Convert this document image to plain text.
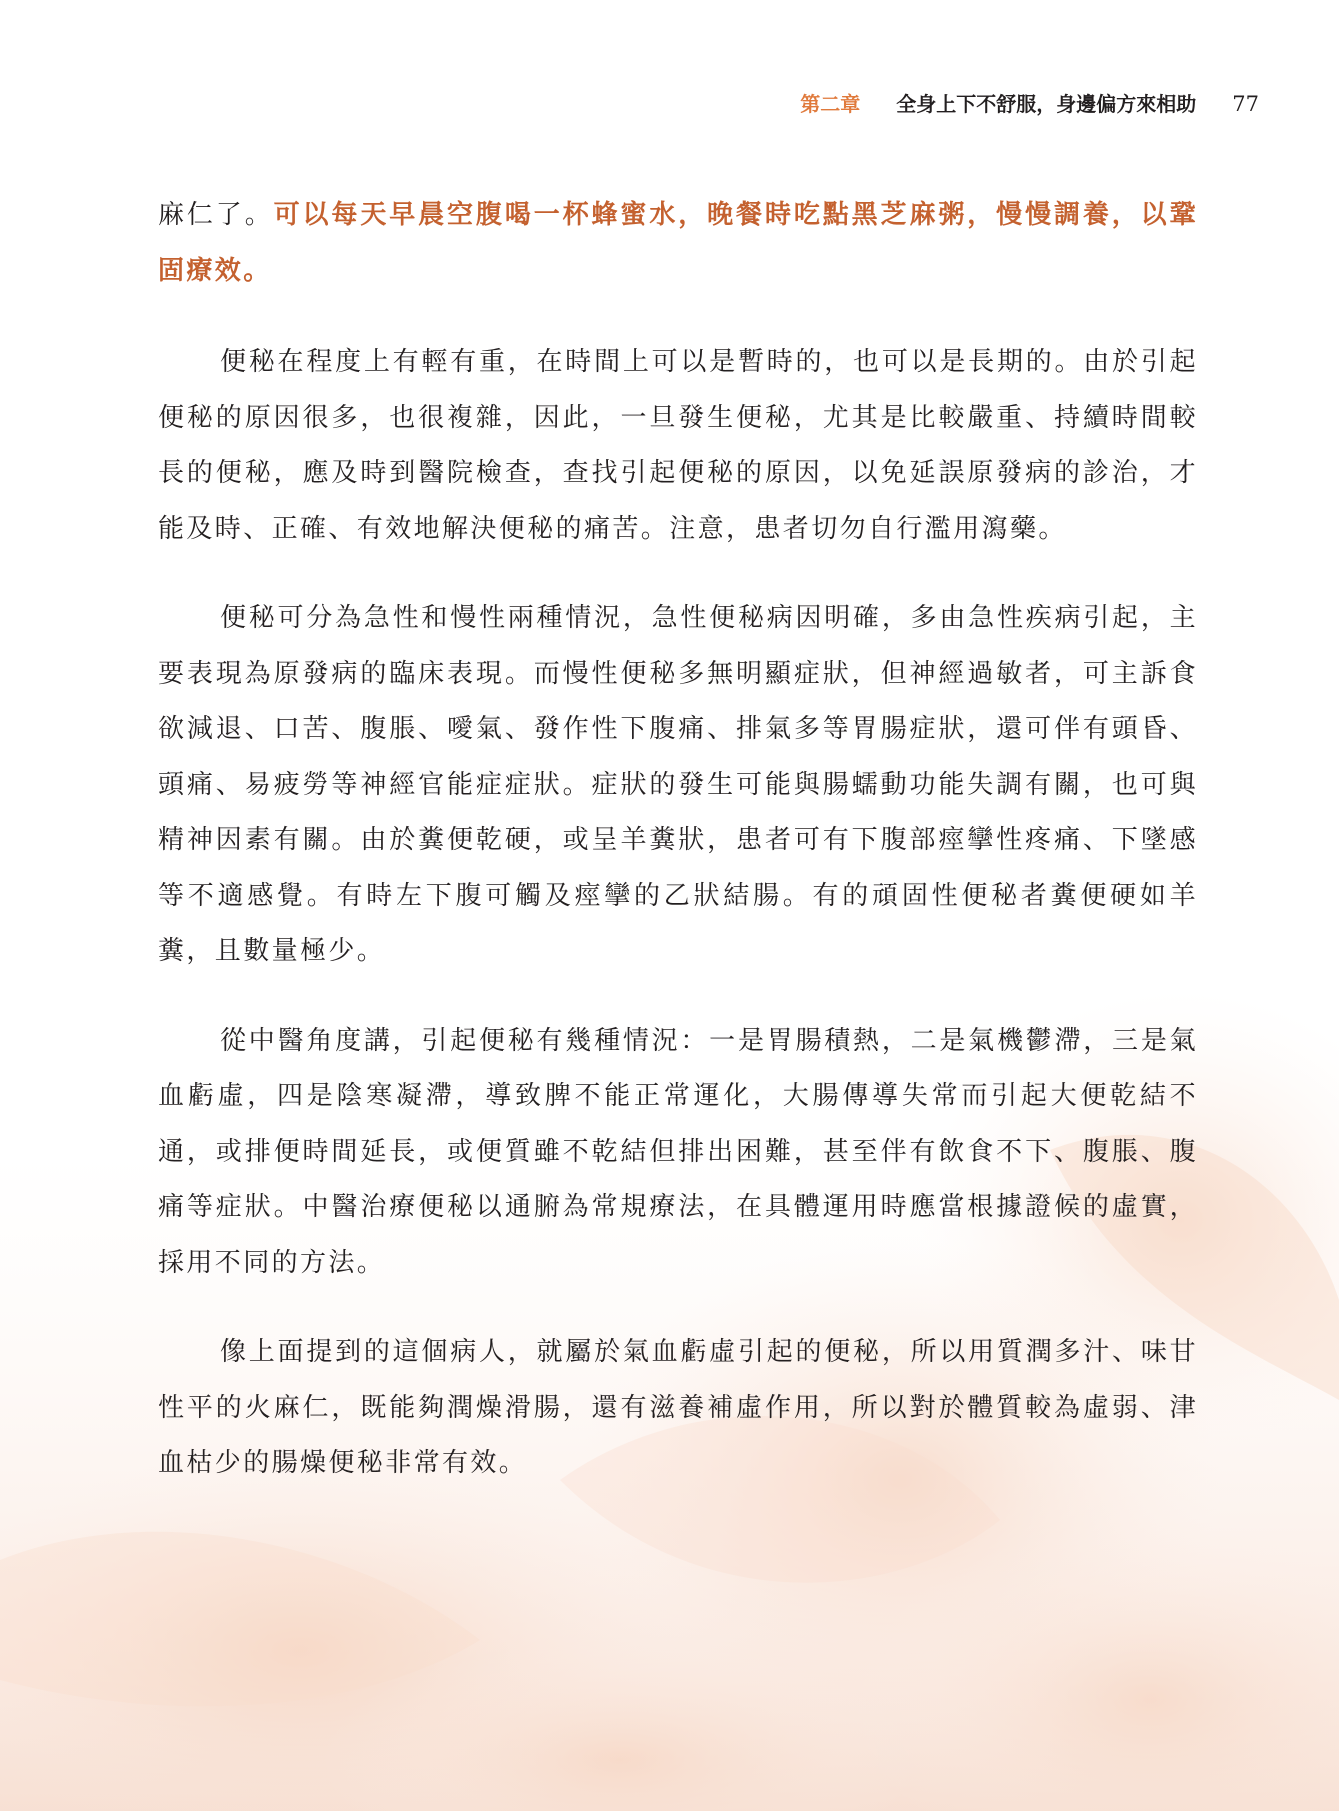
第二章 全身上下不舒服，身邊偏方來相助 77

麻仁了。可以每天早晨空腹喝一杯蜂蜜水，晚餐時吃點黑芝麻粥，慢慢調養，以鞏固療效。

便秘在程度上有輕有重，在時間上可以是暫時的，也可以是長期的。由於引起便秘的原因很多，也很複雜，因此，一旦發生便秘，尤其是比較嚴重、持續時間較長的便秘，應及時到醫院檢查，查找引起便秘的原因，以免延誤原發病的診治，才能及時、正確、有效地解決便秘的痛苦。注意，患者切勿自行濫用瀉藥。

便秘可分為急性和慢性兩種情況，急性便秘病因明確，多由急性疾病引起，主要表現為原發病的臨床表現。而慢性便秘多無明顯症狀，但神經過敏者，可主訴食欲減退、口苦、腹脹、噯氣、發作性下腹痛、排氣多等胃腸症狀，還可伴有頭昏、頭痛、易疲勞等神經官能症症狀。症狀的發生可能與腸蠕動功能失調有關，也可與精神因素有關。由於糞便乾硬，或呈羊糞狀，患者可有下腹部痙攣性疼痛、下墜感等不適感覺。有時左下腹可觸及痙攣的乙狀結腸。有的頑固性便秘者糞便硬如羊糞，且數量極少。

從中醫角度講，引起便秘有幾種情況：一是胃腸積熱，二是氣機鬱滯，三是氣血虧虛，四是陰寒凝滯，導致脾不能正常運化，大腸傳導失常而引起大便乾結不通，或排便時間延長，或便質雖不乾結但排出困難，甚至伴有飲食不下、腹脹、腹痛等症狀。中醫治療便秘以通腑為常規療法，在具體運用時應當根據證候的虛實，採用不同的方法。

像上面提到的這個病人，就屬於氣血虧虛引起的便秘，所以用質潤多汁、味甘性平的火麻仁，既能夠潤燥滑腸，還有滋養補虛作用，所以對於體質較為虛弱、津血枯少的腸燥便秘非常有效。
